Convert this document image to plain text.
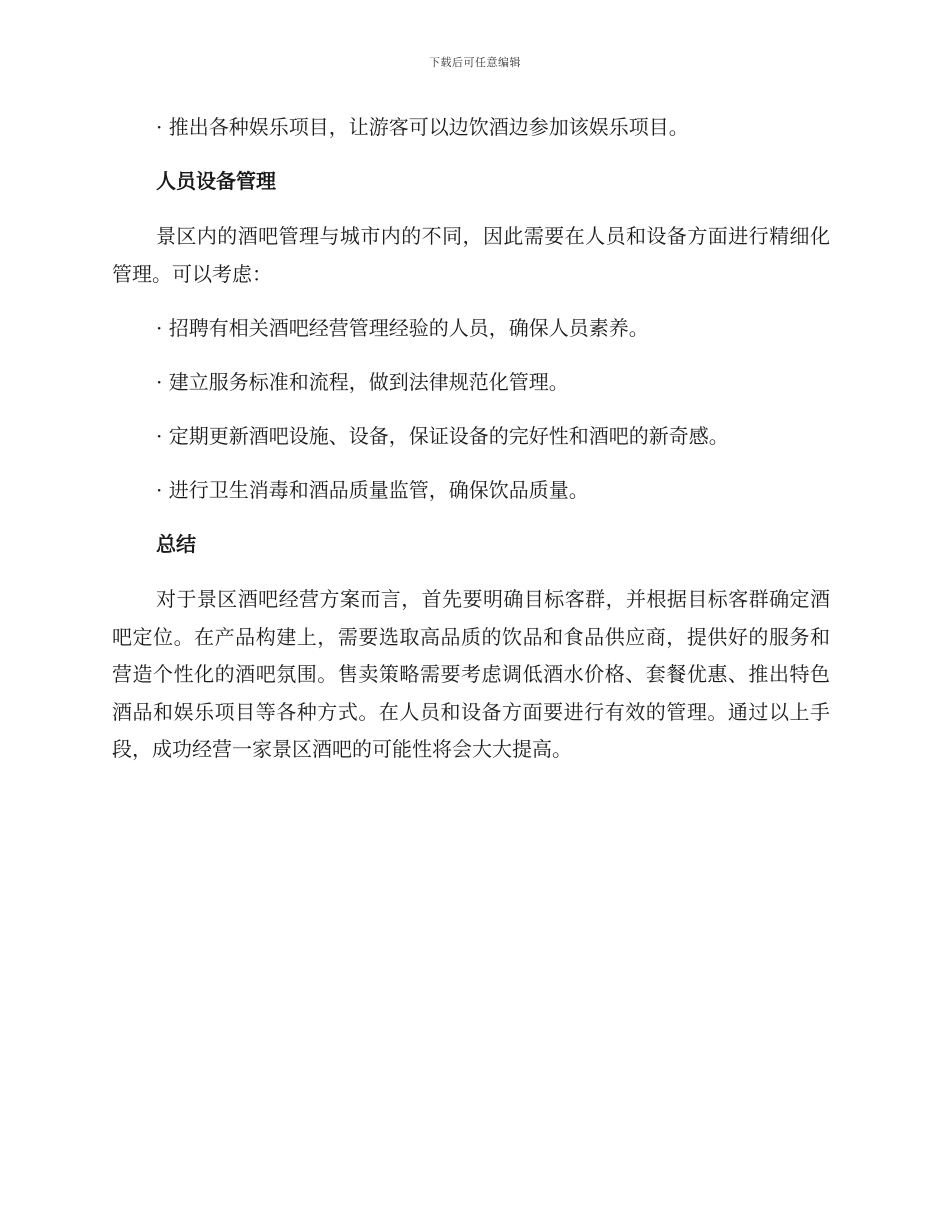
下载后可任意编辑

· 推出各种娱乐项目，让游客可以边饮酒边参加该娱乐项目。

人员设备管理

景区内的酒吧管理与城市内的不同，因此需要在人员和设备方面进行精细化管理。可以考虑：

· 招聘有相关酒吧经营管理经验的人员，确保人员素养。

· 建立服务标准和流程，做到法律规范化管理。

· 定期更新酒吧设施、设备，保证设备的完好性和酒吧的新奇感。

· 进行卫生消毒和酒品质量监管，确保饮品质量。

总结

对于景区酒吧经营方案而言，首先要明确目标客群，并根据目标客群确定酒吧定位。在产品构建上，需要选取高品质的饮品和食品供应商，提供好的服务和营造个性化的酒吧氛围。售卖策略需要考虑调低酒水价格、套餐优惠、推出特色酒品和娱乐项目等各种方式。在人员和设备方面要进行有效的管理。通过以上手段，成功经营一家景区酒吧的可能性将会大大提高。
